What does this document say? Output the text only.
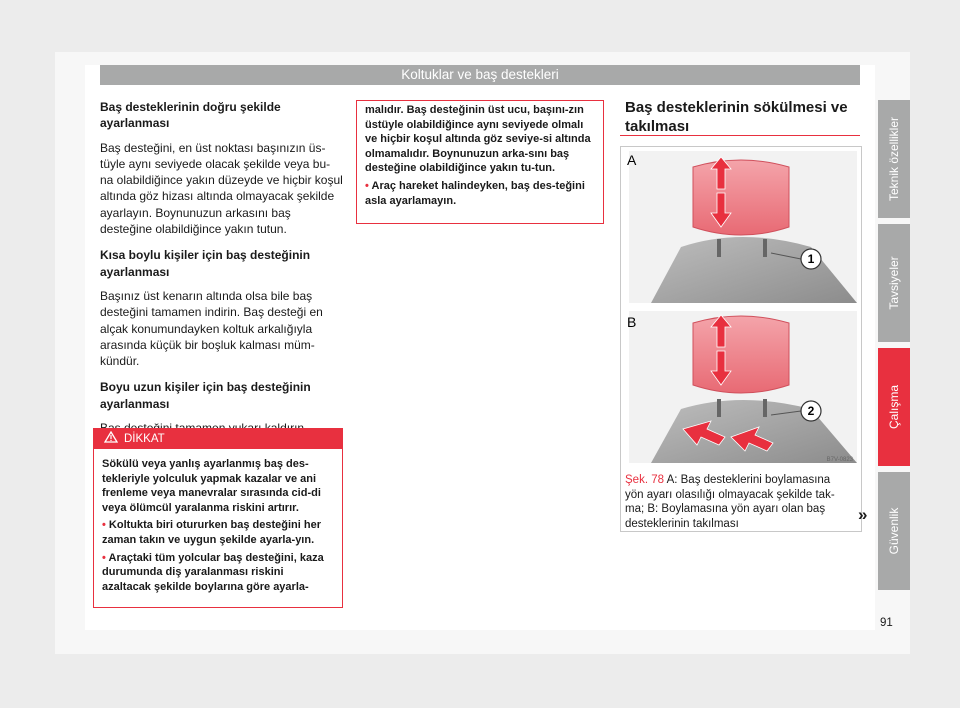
Koltuklar ve baş destekleri

Baş desteklerinin doğru şekilde ayarlanması

Baş desteğini, en üst noktası başınızın üs-tüyle aynı seviyede olacak şekilde veya bu-na olabildiğince yakın düzeyde ve hiçbir koşul altında göz hizası altında olmayacak şekilde ayarlayın. Boynunuzun arkasını baş desteğine olabildiğince yakın tutun.

Kısa boylu kişiler için baş desteğinin ayarlanması

Başınız üst kenarın altında olsa bile baş desteğini tamamen indirin. Baş desteği en alçak konumundayken koltuk arkalığıyla arasında küçük bir boşluk kalması müm-kündür.

Boyu uzun kişiler için baş desteğinin ayarlanması

DİKKAT

Sökülü veya yanlış ayarlanmış baş des-tekleriyle yolculuk yapmak kazalar ve ani frenleme veya manevralar sırasında cid-di veya ölümcül yaralanma riskini artırır.

• Koltukta biri otururken baş desteğini her zaman takın ve uygun şekilde ayarla-yın.

• Araçtaki tüm yolcular baş desteğini, kaza durumunda diş yaralanması riskini azaltacak şekilde boylarına göre ayarla-

malıdır. Baş desteğinin üst ucu, başını-zın üstüyle olabildiğince aynı seviyede olmalı ve hiçbir koşul altında göz seviye-si altında olmamalıdır. Boynunuzun arka-sını baş desteğine olabildiğince yakın tu-tun.

• Araç hareket halindeyken, baş des-teğini asla ayarlamayın.

Baş desteklerinin sökülmesi ve takılması
1
A
2
B
B7V-0823
Şek. 78 A: Baş desteklerini boylamasına yön ayarı olasılığı olmayacak şekilde tak-ma; B: Boylamasına yön ayarı olan baş desteklerinin takılması	»
Teknik özellikler
Tavsiyeler
Çalışma
Güvenlik
91
